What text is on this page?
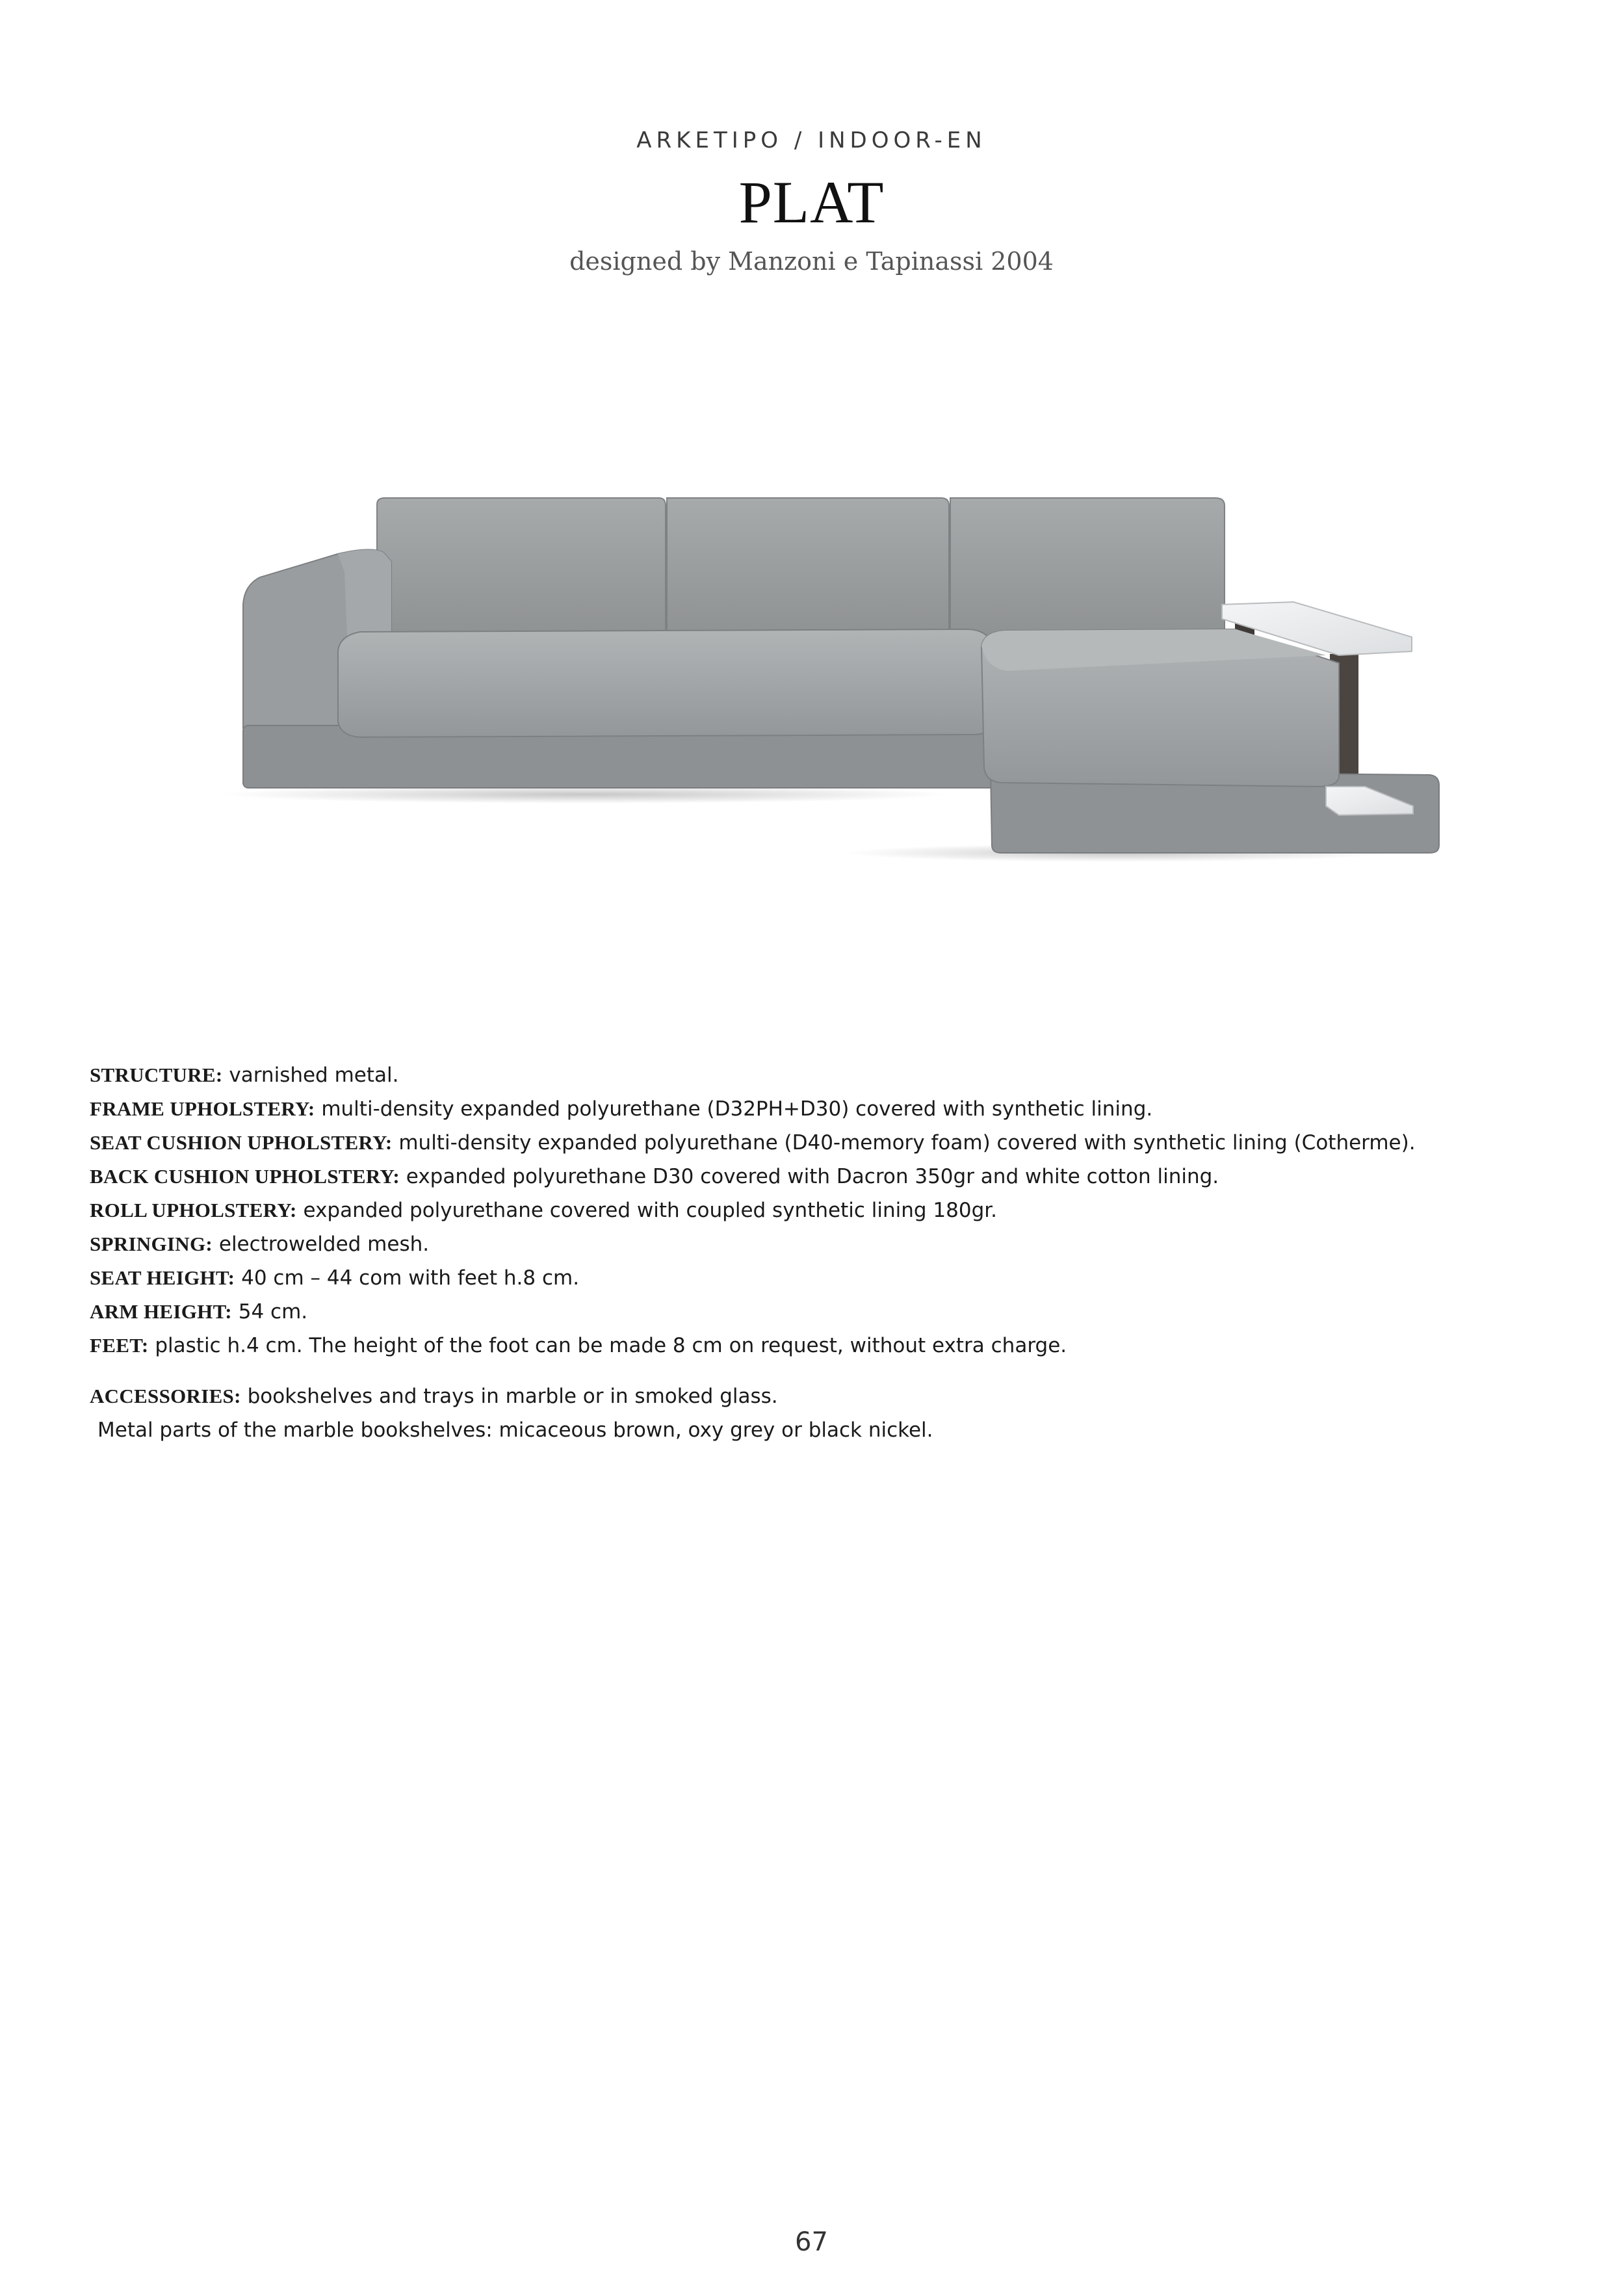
ARKETIPO / INDOOR-EN
PLAT
designed by Manzoni e Tapinassi 2004
STRUCTURE: varnished metal.
FRAME UPHOLSTERY: multi-density expanded polyurethane (D32PH+D30) covered with synthetic lining.
SEAT CUSHION UPHOLSTERY: multi-density expanded polyurethane (D40-memory foam) covered with synthetic lining (Cotherme).
BACK CUSHION UPHOLSTERY: expanded polyurethane D30 covered with Dacron 350gr and white cotton lining.
ROLL UPHOLSTERY: expanded polyurethane covered with coupled synthetic lining 180gr.
SPRINGING: electrowelded mesh.
SEAT HEIGHT: 40 cm – 44 com with feet h.8 cm.
ARM HEIGHT: 54 cm.
FEET: plastic h.4 cm. The height of the foot can be made 8 cm on request, without extra charge.
ACCESSORIES: bookshelves and trays in marble or in smoked glass.
Metal parts of the marble bookshelves: micaceous brown, oxy grey or black nickel.
67
